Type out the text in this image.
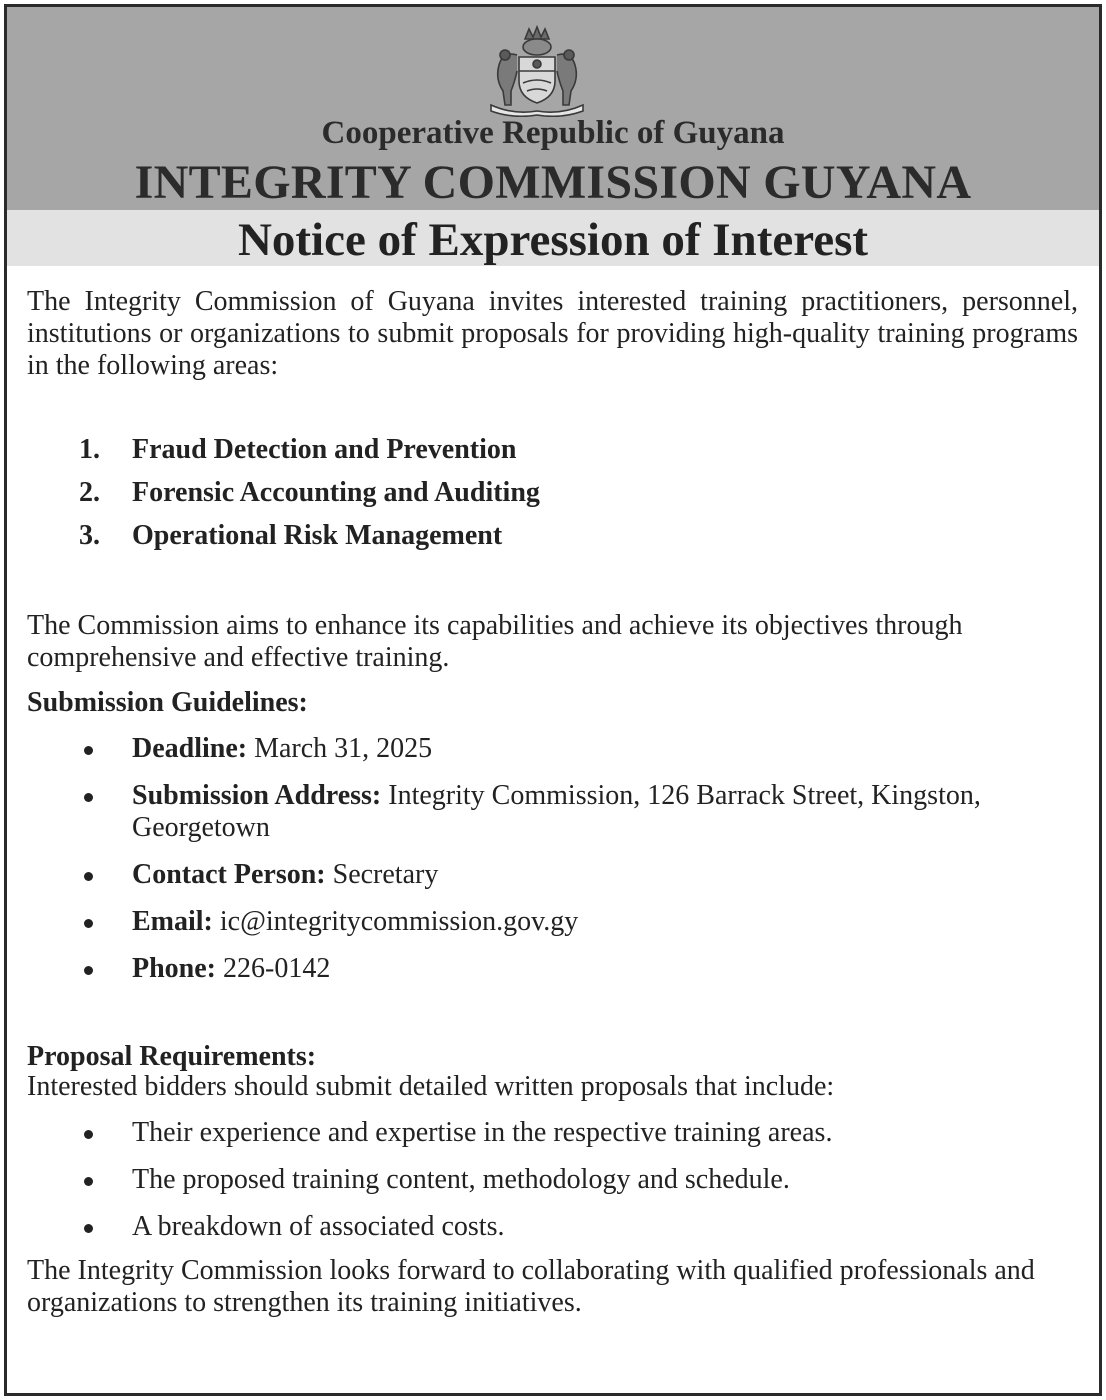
Cooperative Republic of Guyana
INTEGRITY COMMISSION GUYANA
Notice of Expression of Interest
The Integrity Commission of Guyana invites interested training practitioners, personnel, institutions or organizations to submit proposals for providing high-quality training programs in the following areas:
1. Fraud Detection and Prevention
2. Forensic Accounting and Auditing
3. Operational Risk Management
The Commission aims to enhance its capabilities and achieve its objectives through comprehensive and effective training.
Submission Guidelines:
Deadline: March 31, 2025
Submission Address: Integrity Commission, 126 Barrack Street, Kingston, Georgetown
Contact Person: Secretary
Email: ic@integritycommission.gov.gy
Phone: 226-0142
Proposal Requirements:
Interested bidders should submit detailed written proposals that include:
Their experience and expertise in the respective training areas.
The proposed training content, methodology and schedule.
A breakdown of associated costs.
The Integrity Commission looks forward to collaborating with qualified professionals and organizations to strengthen its training initiatives.
